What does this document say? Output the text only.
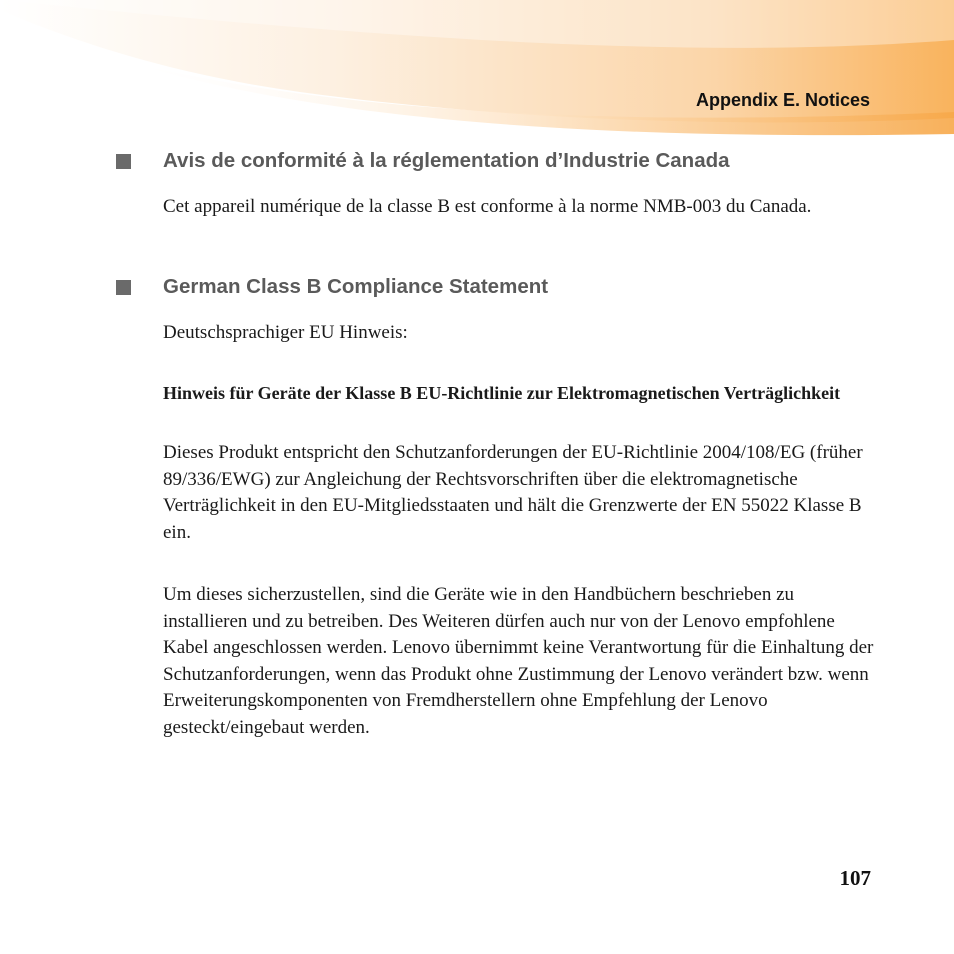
Appendix E. Notices
Avis de conformité à la réglementation d’Industrie Canada
Cet appareil numérique de la classe B est conforme à la norme NMB-003 du Canada.
German Class B Compliance Statement
Deutschsprachiger EU Hinweis:
Hinweis für Geräte der Klasse B EU-Richtlinie zur Elektromagnetischen Verträglichkeit
Dieses Produkt entspricht den Schutzanforderungen der EU-Richtlinie 2004/108/EG (früher 89/336/EWG) zur Angleichung der Rechtsvorschriften über die elektromagnetische Verträglichkeit in den EU-Mitgliedsstaaten und hält die Grenzwerte der EN 55022 Klasse B ein.
Um dieses sicherzustellen, sind die Geräte wie in den Handbüchern beschrieben zu installieren und zu betreiben. Des Weiteren dürfen auch nur von der Lenovo empfohlene Kabel angeschlossen werden. Lenovo übernimmt keine Verantwortung für die Einhaltung der Schutzanforderungen, wenn das Produkt ohne Zustimmung der Lenovo verändert bzw. wenn Erweiterungskomponenten von Fremdherstellern ohne Empfehlung der Lenovo gesteckt/eingebaut werden.
107
